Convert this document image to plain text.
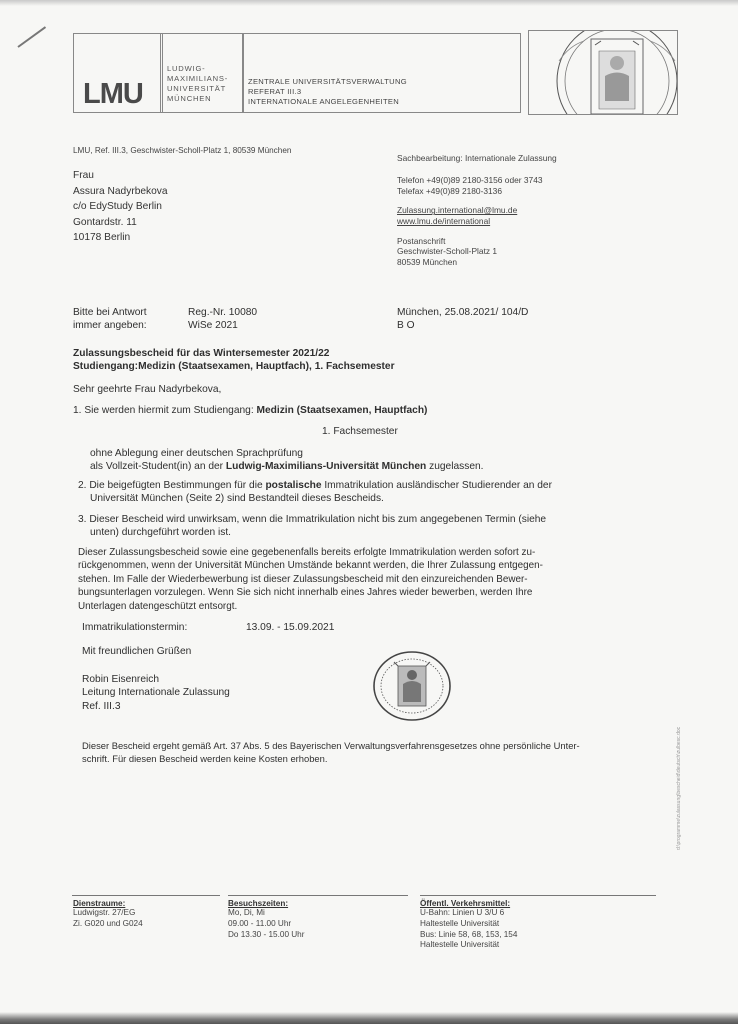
LMU
LUDWIG-
MAXIMILIANS-
UNIVERSITÄT
MÜNCHEN
ZENTRALE UNIVERSITÄTSVERWALTUNG
REFERAT III.3
INTERNATIONALE ANGELEGENHEITEN
LMU, Ref. III.3, Geschwister-Scholl-Platz 1, 80539 München
Frau
Assura Nadyrbekova
c/o EdyStudy Berlin
Gontardstr. 11
10178 Berlin
Sachbearbeitung: Internationale Zulassung
Telefon +49(0)89 2180-3156 oder 3743
Telefax +49(0)89 2180-3136
Zulassung.international@lmu.de
www.lmu.de/international
Postanschrift
Geschwister-Scholl-Platz 1
80539 München
Bitte bei Antwort
immer angeben:
Reg.-Nr. 10080
WiSe 2021
München, 25.08.2021/ 104/D
B O
Zulassungsbescheid für das Wintersemester 2021/22
Studiengang:Medizin (Staatsexamen, Hauptfach), 1. Fachsemester
Sehr geehrte Frau Nadyrbekova,
1. Sie werden hiermit zum Studiengang: Medizin (Staatsexamen, Hauptfach)
1. Fachsemester
ohne Ablegung einer deutschen Sprachprüfung
als Vollzeit-Student(in) an der Ludwig-Maximilians-Universität München zugelassen.
2. Die beigefügten Bestimmungen für die postalische Immatrikulation ausländischer Studierender an der
Universität München (Seite 2) sind Bestandteil dieses Bescheids.
3. Dieser Bescheid wird unwirksam, wenn die Immatrikulation nicht bis zum angegebenen Termin (siehe
unten) durchgeführt worden ist.
Dieser Zulassungsbescheid sowie eine gegebenenfalls bereits erfolgte Immatrikulation werden sofort zu-
rückgenommen, wenn der Universität München Umstände bekannt werden, die Ihrer Zulassung entgegen-
stehen. Im Falle der Wiederbewerbung ist dieser Zulassungsbescheid mit den einzureichenden Bewer-
bungsunterlagen vorzulegen. Wenn Sie sich nicht innerhalb eines Jahres wieder bewerben, werden Ihre
Unterlagen datengeschützt entsorgt.
Immatrikulationstermin:	13.09. - 15.09.2021
Mit freundlichen Grüßen
Robin Eisenreich
Leitung Internationale Zulassung
Ref. III.3
Dieser Bescheid ergeht gemäß Art. 37 Abs. 5 des Bayerischen Verwaltungsverfahrensgesetzes ohne persönliche Unter-
schrift. Für diesen Bescheid werden keine Kosten erhoben.	d:\programme\zulassung\bescheid\deutsch\zulbesc.doc
Dienstraume:
Ludwigstr. 27/EG
Zi. G020 und G024
Besuchszeiten:
Mo, Di, Mi
09.00 - 11.00 Uhr
Do 13.30 - 15.00 Uhr
Öffentl. Verkehrsmittel:
U-Bahn: Linien U 3/U 6
Haltestelle Universität
Bus: Linie 58, 68, 153, 154
Haltestelle Universität
